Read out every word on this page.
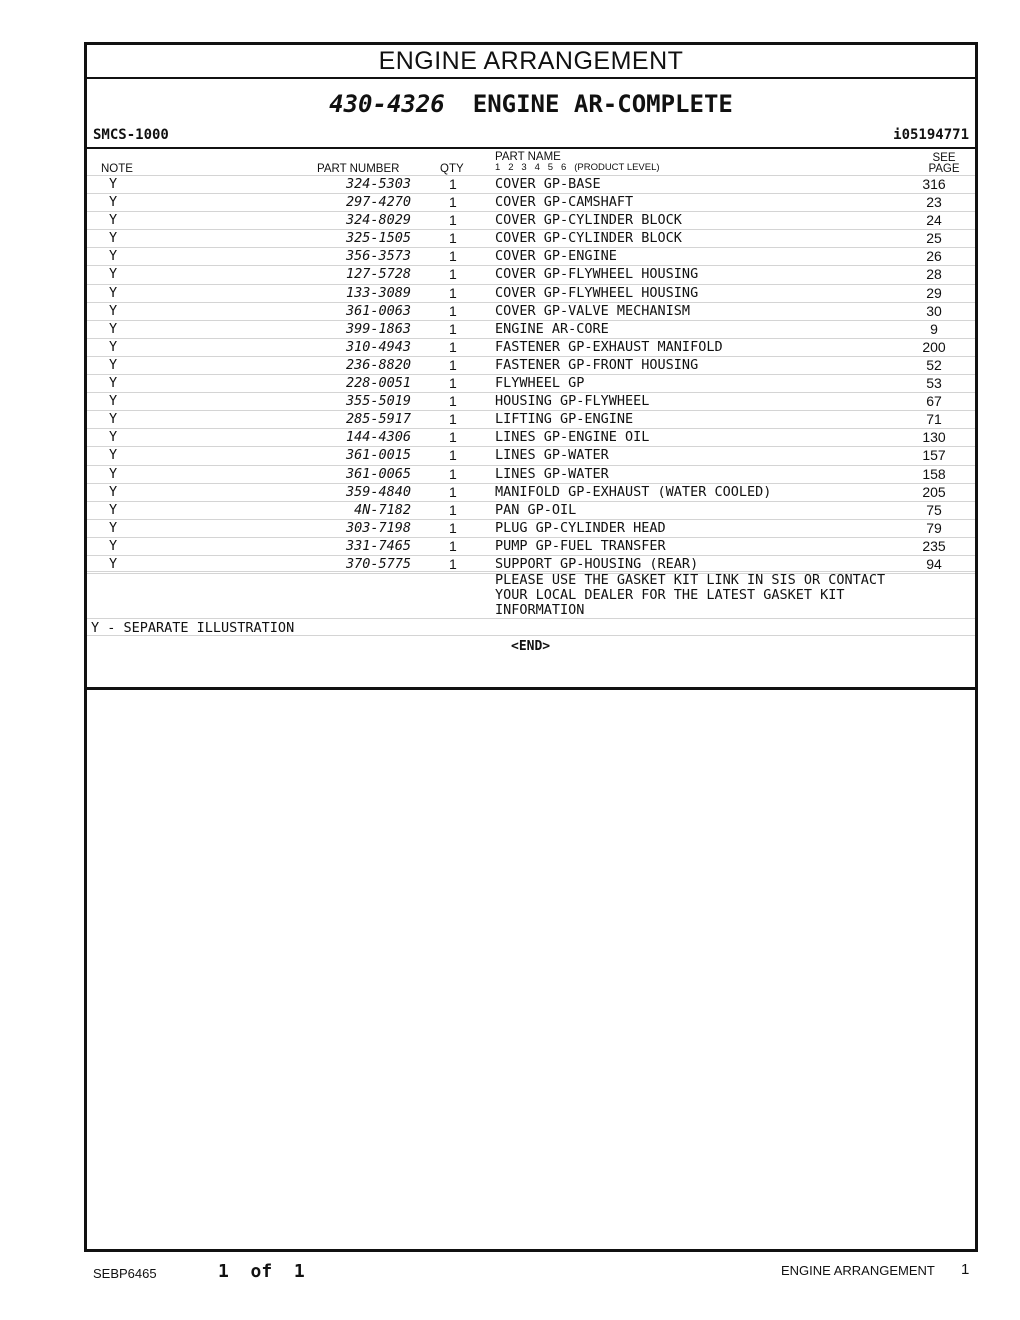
ENGINE ARRANGEMENT
430-4326 ENGINE AR-COMPLETE
SMCS-1000	i05194771
NOTE	PART NUMBER	QTY
PART NAME
1   2   3   4   5   6   (PRODUCT LEVEL)
SEE
PAGE
Y	324-5303	1	COVER GP-BASE	316
Y	297-4270	1	COVER GP-CAMSHAFT	23
Y	324-8029	1	COVER GP-CYLINDER BLOCK	24
Y	325-1505	1	COVER GP-CYLINDER BLOCK	25
Y	356-3573	1	COVER GP-ENGINE	26
Y	127-5728	1	COVER GP-FLYWHEEL HOUSING	28
Y	133-3089	1	COVER GP-FLYWHEEL HOUSING	29
Y	361-0063	1	COVER GP-VALVE MECHANISM	30
Y	399-1863	1	ENGINE AR-CORE	9
Y	310-4943	1	FASTENER GP-EXHAUST MANIFOLD	200
Y	236-8820	1	FASTENER GP-FRONT HOUSING	52
Y	228-0051	1	FLYWHEEL GP	53
Y	355-5019	1	HOUSING GP-FLYWHEEL	67
Y	285-5917	1	LIFTING GP-ENGINE	71
Y	144-4306	1	LINES GP-ENGINE OIL	130
Y	361-0015	1	LINES GP-WATER	157
Y	361-0065	1	LINES GP-WATER	158
Y	359-4840	1	MANIFOLD GP-EXHAUST (WATER COOLED)	205
Y	4N-7182	1	PAN GP-OIL	75
Y	303-7198	1	PLUG GP-CYLINDER HEAD	79
Y	331-7465	1	PUMP GP-FUEL TRANSFER	235
Y	370-5775	1	SUPPORT GP-HOUSING (REAR)	94
PLEASE USE THE GASKET KIT LINK IN SIS OR CONTACT
YOUR LOCAL DEALER FOR THE LATEST GASKET KIT
INFORMATION
Y - SEPARATE ILLUSTRATION
<END>
SEBP6465	1  of  1	ENGINE ARRANGEMENT 1
